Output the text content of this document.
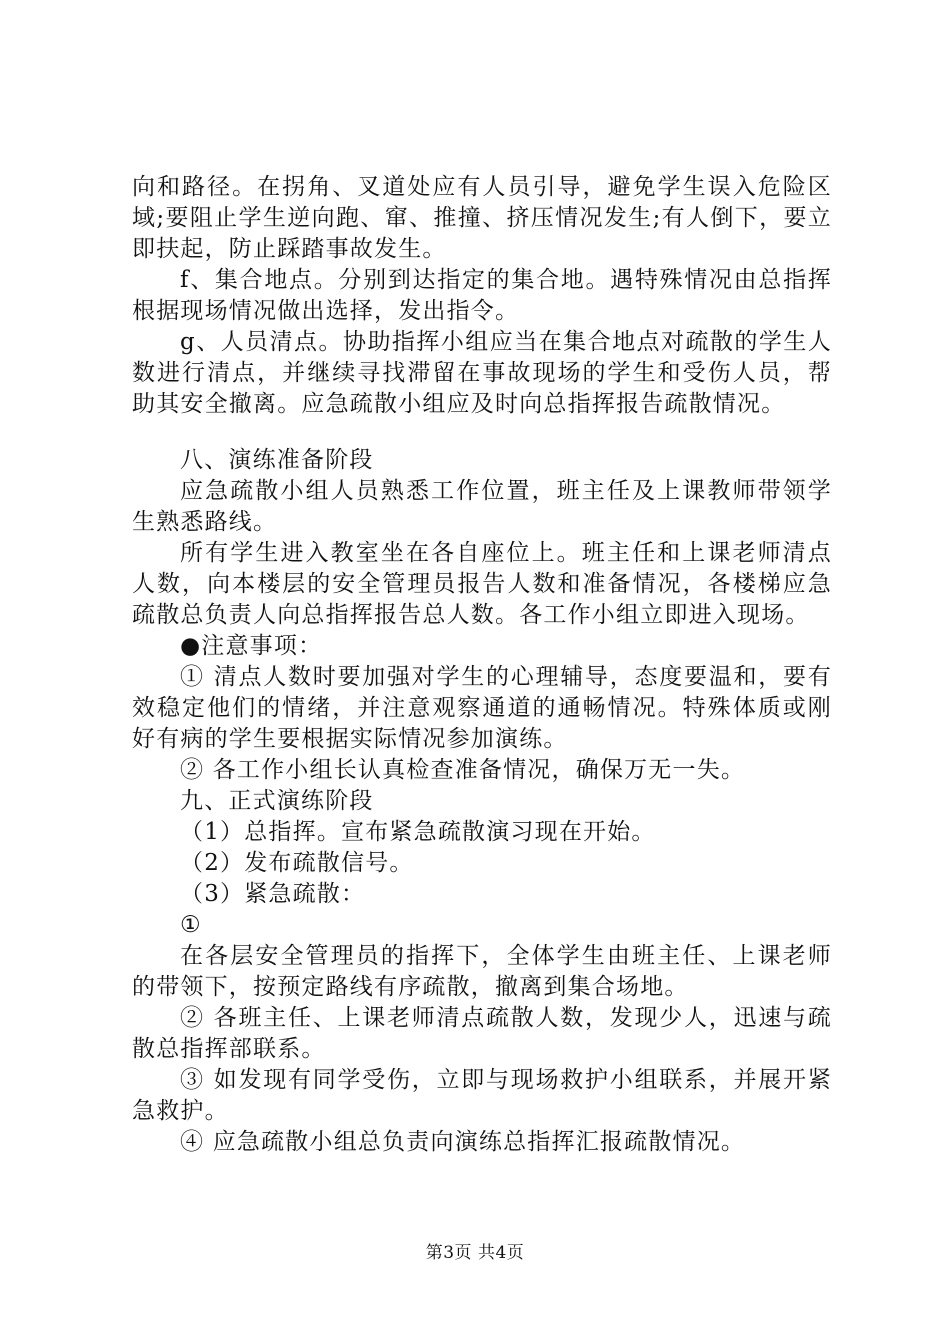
向和路径。在拐角、叉道处应有人员引导，避免学生误入危险区域;要阻止学生逆向跑、窜、推撞、挤压情况发生;有人倒下，要立即扶起，防止踩踏事故发生。

f、集合地点。分别到达指定的集合地。遇特殊情况由总指挥根据现场情况做出选择，发出指令。

g、人员清点。协助指挥小组应当在集合地点对疏散的学生人数进行清点，并继续寻找滞留在事故现场的学生和受伤人员，帮助其安全撤离。应急疏散小组应及时向总指挥报告疏散情况。

八、演练准备阶段

应急疏散小组人员熟悉工作位置，班主任及上课教师带领学生熟悉路线。

所有学生进入教室坐在各自座位上。班主任和上课老师清点人数，向本楼层的安全管理员报告人数和准备情况，各楼梯应急疏散总负责人向总指挥报告总人数。各工作小组立即进入现场。

●注意事项：

① 清点人数时要加强对学生的心理辅导，态度要温和，要有效稳定他们的情绪，并注意观察通道的通畅情况。特殊体质或刚好有病的学生要根据实际情况参加演练。

② 各工作小组长认真检查准备情况，确保万无一失。

九、正式演练阶段

（1）总指挥。宣布紧急疏散演习现在开始。

（2）发布疏散信号。

（3）紧急疏散：

①

在各层安全管理员的指挥下，全体学生由班主任、上课老师的带领下，按预定路线有序疏散，撤离到集合场地。

② 各班主任、上课老师清点疏散人数，发现少人，迅速与疏散总指挥部联系。

③ 如发现有同学受伤，立即与现场救护小组联系，并展开紧急救护。

④ 应急疏散小组总负责向演练总指挥汇报疏散情况。

第3页 共4页
